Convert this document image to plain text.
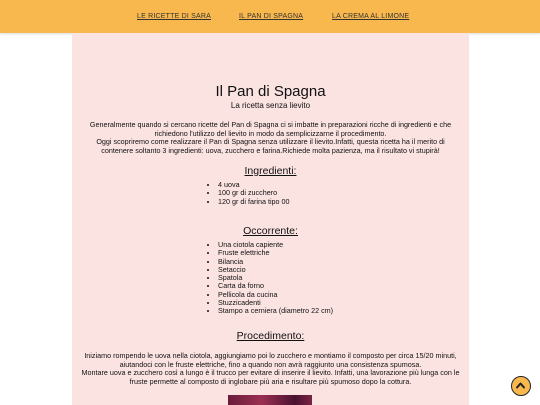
LE RICETTE DI SARA	IL PAN DI SPAGNA	LA CREMA AL LIMONE
Il Pan di Spagna
La ricetta senza lievito

Generalmente quando si cercano ricette del Pan di Spagna ci si imbatte in preparazioni ricche di ingredienti e che richiedono l'utilizzo del lievito in modo da semplicizzarne il procedimento.

Oggi scopriremo come realizzare il Pan di Spagna senza utilizzare il lievito.Infatti, questa ricetta ha il merito di contenere soltanto 3 ingredienti: uova, zucchero e farina.Richiede molta pazienza, ma il risultato vi stupirà!

Ingredienti:
• 4 uova
• 100 gr di zucchero
• 120 gr di farina tipo 00
Occorrente:
• Una ciotola capiente
• Fruste elettriche
• Bilancia
• Setaccio
• Spatola
• Carta da forno
• Pellicola da cucina
• Stuzzicadenti
• Stampo a cerniera (diametro 22 cm)
Procedimento:

Iniziamo rompendo le uova nella ciotola, aggiungiamo poi lo zucchero e montiamo il composto per circa 15/20 minuti, aiutandoci con le fruste elettriche, fino a quando non avrà raggiunto una consistenza spumosa.

Montare uova e zucchero così a lungo è il trucco per evitare di inserire il lievito. Infatti, una lavorazione più lunga con le fruste permette al composto di inglobare più aria e risultare più spumoso dopo la cottura.
